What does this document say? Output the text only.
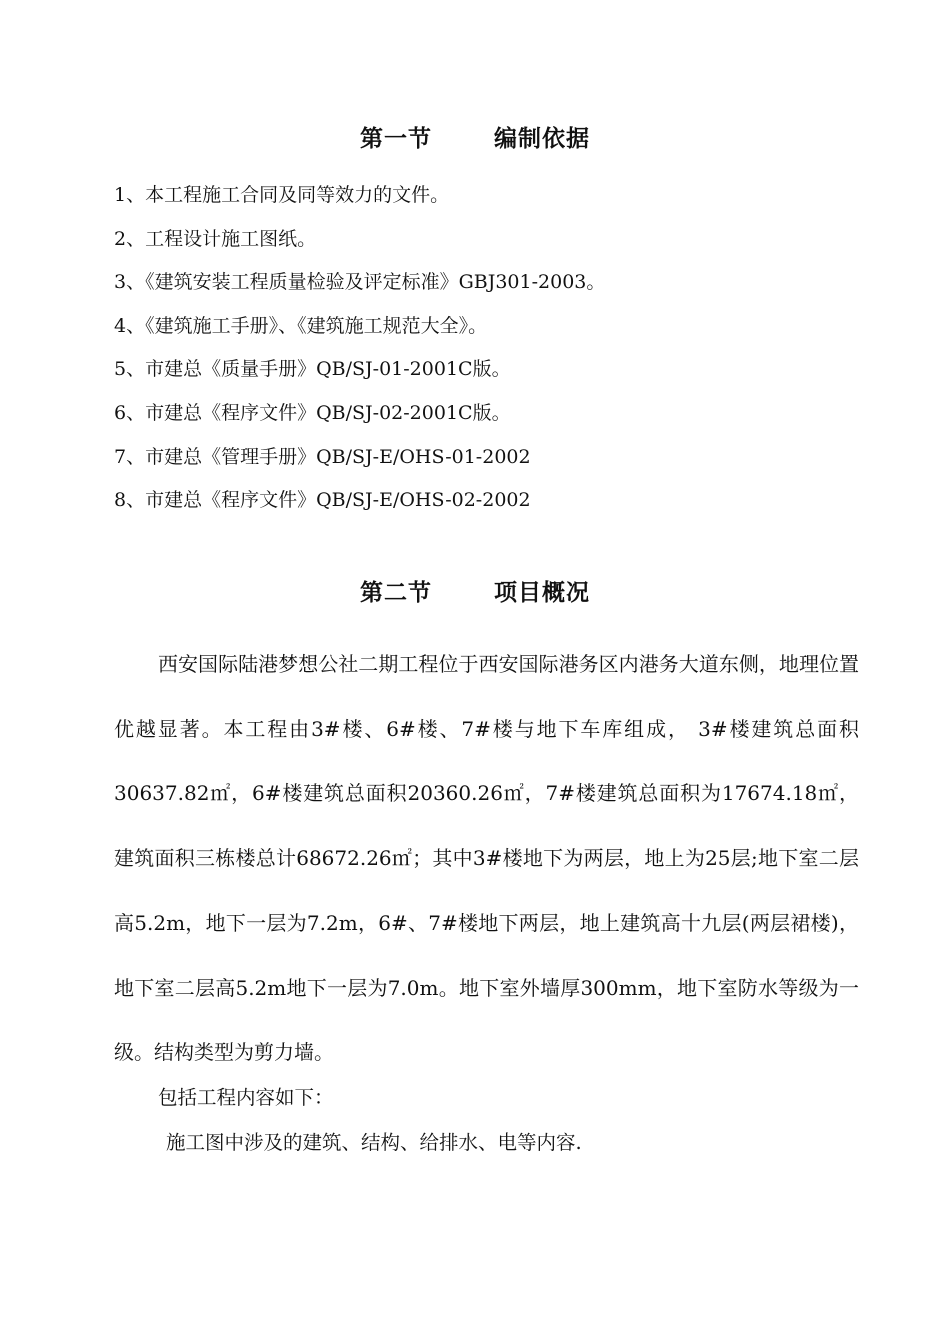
第一节	编制依据
1、本工程施工合同及同等效力的文件。
2、工程设计施工图纸。
3、《建筑安装工程质量检验及评定标准》GBJ301-2003。
4、《建筑施工手册》、《建筑施工规范大全》。
5、市建总《质量手册》QB/SJ-01-2001C版。
6、市建总《程序文件》QB/SJ-02-2001C版。
7、市建总《管理手册》QB/SJ-E/OHS-01-2002
8、市建总《程序文件》QB/SJ-E/OHS-02-2002
第二节	项目概况

西安国际陆港梦想公社二期工程位于西安国际港务区内港务大道东侧，地理位置优越显著。本工程由3#楼、6#楼、7#楼与地下车库组成， 3#楼建筑总面积30637.82㎡，6#楼建筑总面积20360.26㎡，7#楼建筑总面积为17674.18㎡，建筑面积三栋楼总计68672.26㎡；其中3#楼地下为两层，地上为25层;地下室二层高5.2m，地下一层为7.2m，6#、7#楼地下两层，地上建筑高十九层(两层裙楼)，地下室二层高5.2m地下一层为7.0m。地下室外墙厚300mm，地下室防水等级为一级。结构类型为剪力墙。

包括工程内容如下：

施工图中涉及的建筑、结构、给排水、电等内容.
